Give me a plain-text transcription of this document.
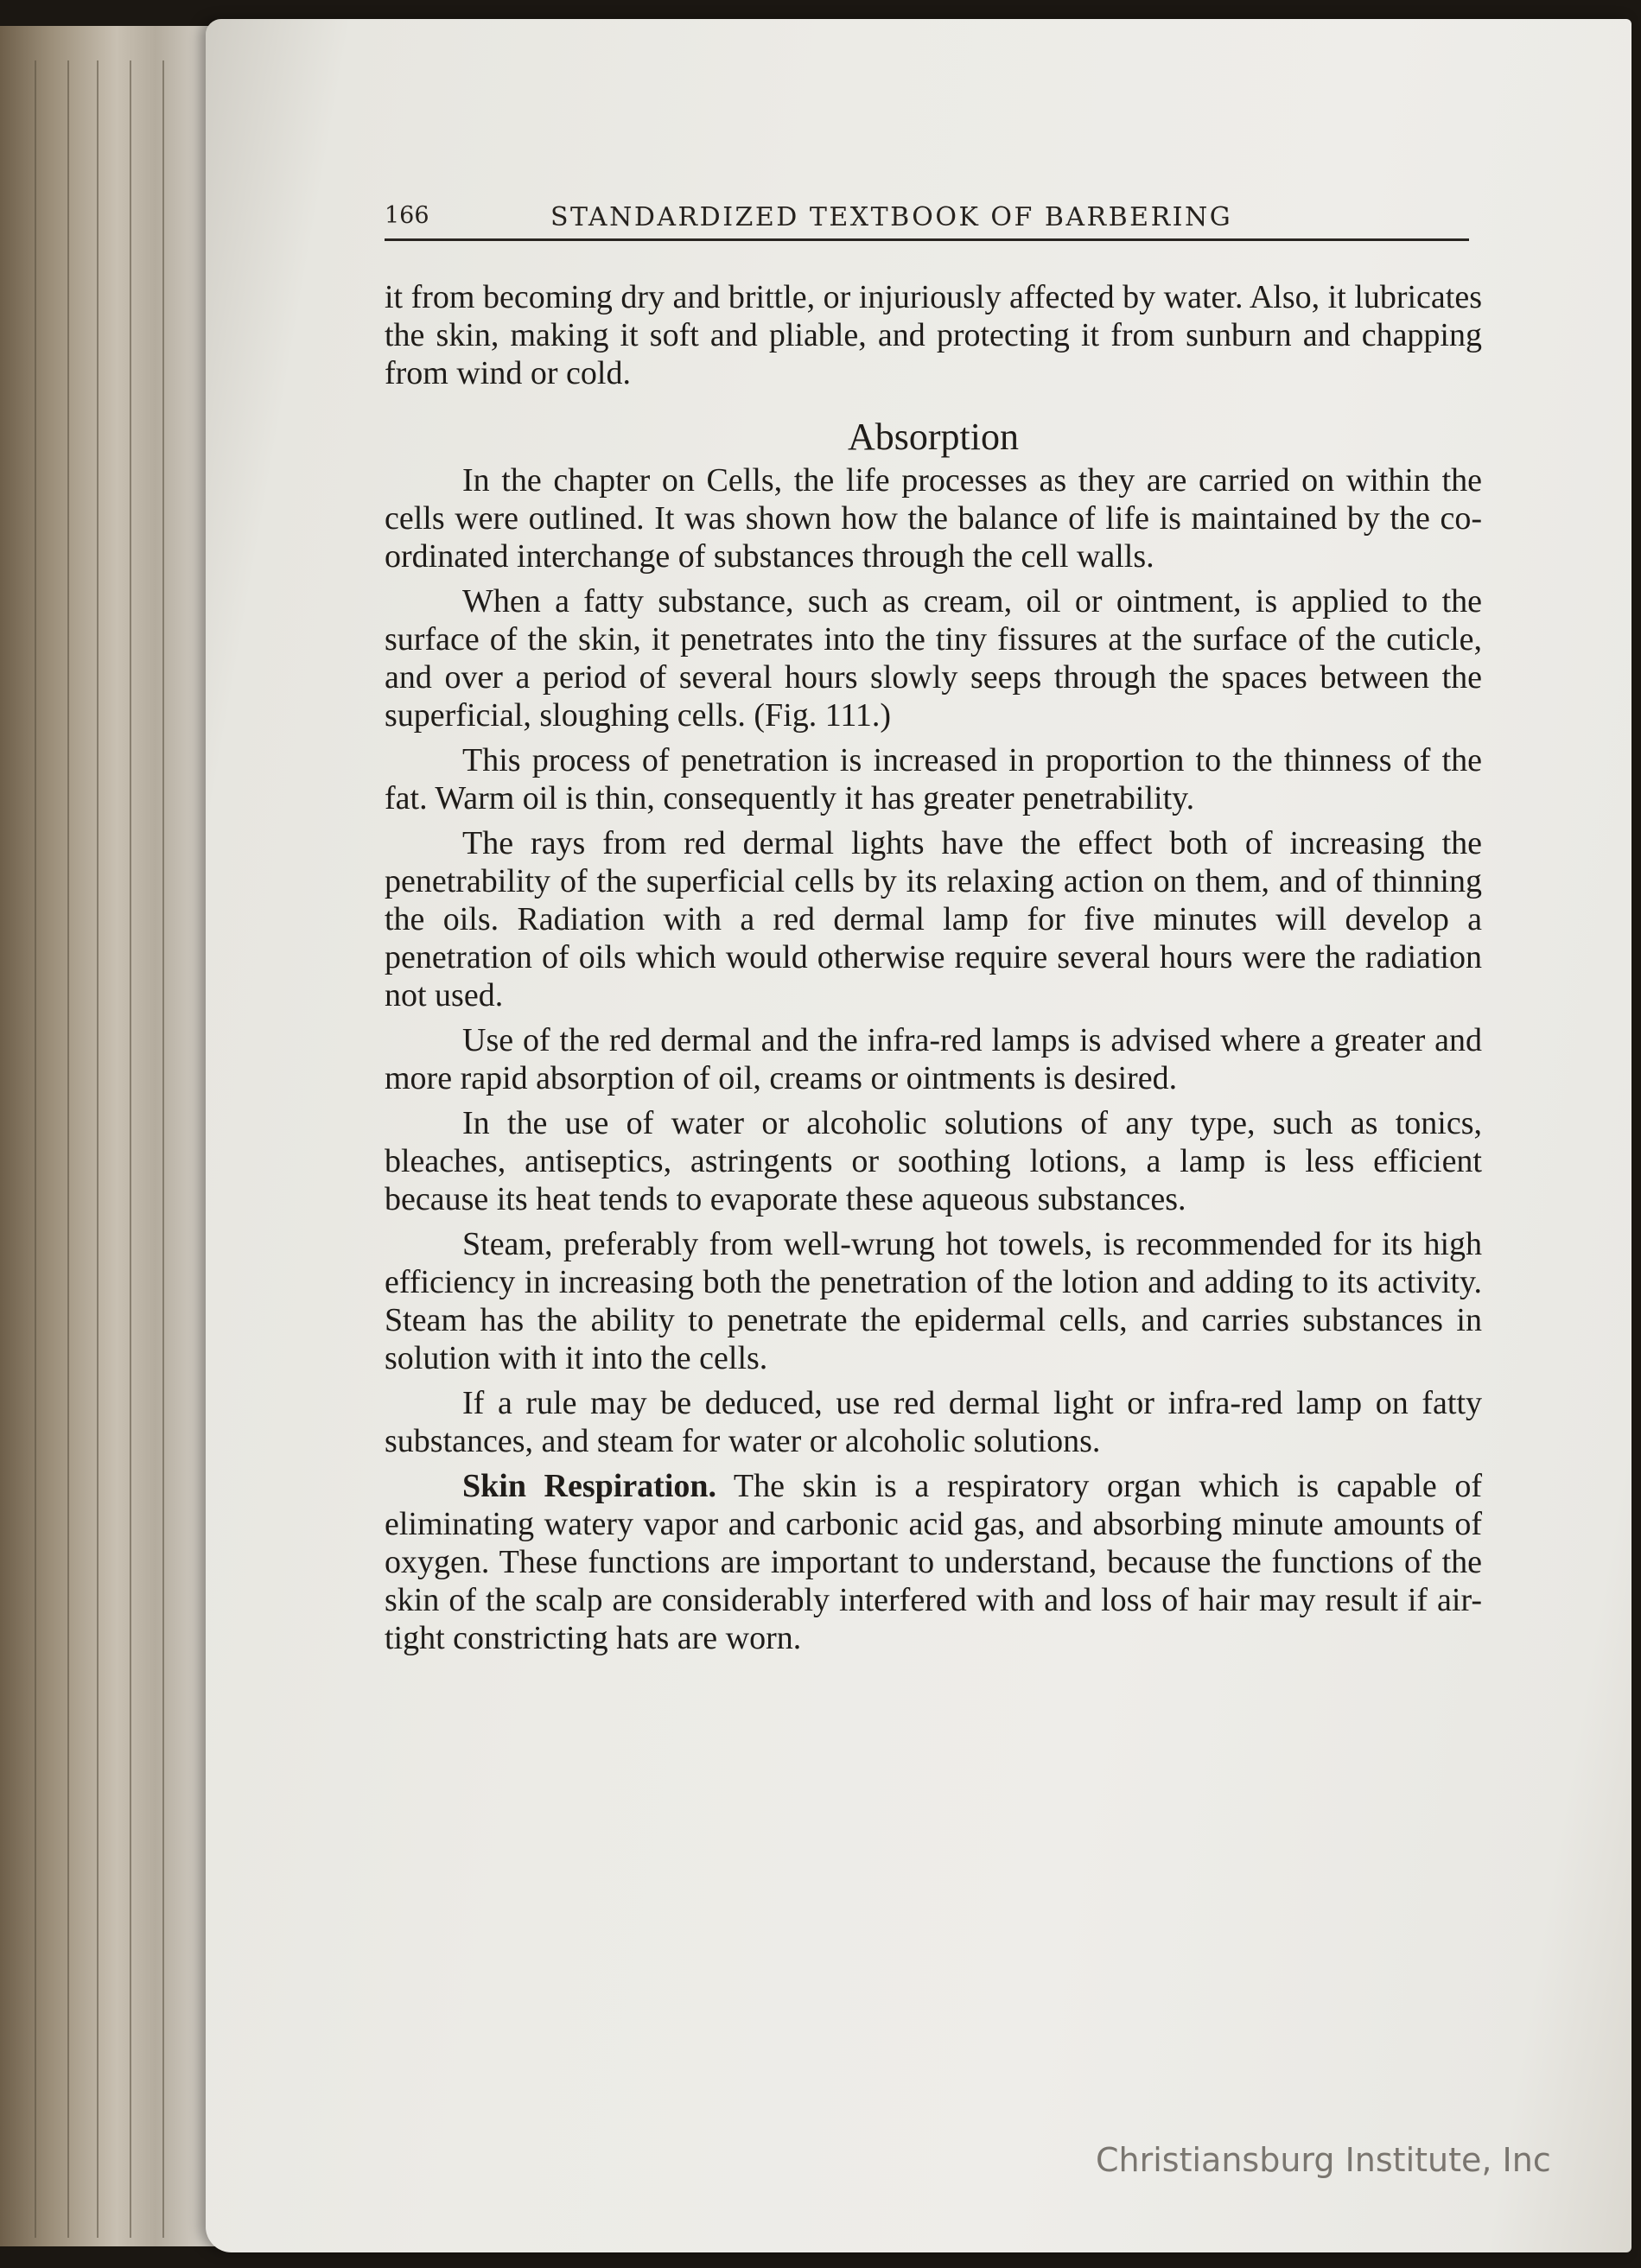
166	STANDARDIZED TEXTBOOK OF BARBERING

it from becoming dry and brittle, or injuriously affected by water. Also, it lubricates the skin, making it soft and pliable, and protecting it from sunburn and chapping from wind or cold.

Absorption

In the chapter on Cells, the life processes as they are carried on within the cells were outlined. It was shown how the balance of life is maintained by the co-ordinated interchange of substances through the cell walls.

When a fatty substance, such as cream, oil or ointment, is applied to the surface of the skin, it penetrates into the tiny fissures at the surface of the cuticle, and over a period of several hours slowly seeps through the spaces between the superficial, sloughing cells. (Fig. 111.)

This process of penetration is increased in proportion to the thinness of the fat. Warm oil is thin, consequently it has greater penetrability.

The rays from red dermal lights have the effect both of increasing the penetrability of the superficial cells by its relaxing action on them, and of thinning the oils. Radiation with a red dermal lamp for five minutes will develop a penetration of oils which would otherwise require several hours were the radiation not used.

Use of the red dermal and the infra-red lamps is advised where a greater and more rapid absorption of oil, creams or ointments is desired.

In the use of water or alcoholic solutions of any type, such as tonics, bleaches, antiseptics, astringents or soothing lotions, a lamp is less efficient because its heat tends to evaporate these aqueous substances.

Steam, preferably from well-wrung hot towels, is recommended for its high efficiency in increasing both the penetration of the lotion and adding to its activity. Steam has the ability to penetrate the epidermal cells, and carries substances in solution with it into the cells.

If a rule may be deduced, use red dermal light or infra-red lamp on fatty substances, and steam for water or alcoholic solutions.

Skin Respiration. The skin is a respiratory organ which is capable of eliminating watery vapor and carbonic acid gas, and absorbing minute amounts of oxygen. These functions are important to understand, because the functions of the skin of the scalp are considerably interfered with and loss of hair may result if air-tight constricting hats are worn.

Christiansburg Institute, Inc
